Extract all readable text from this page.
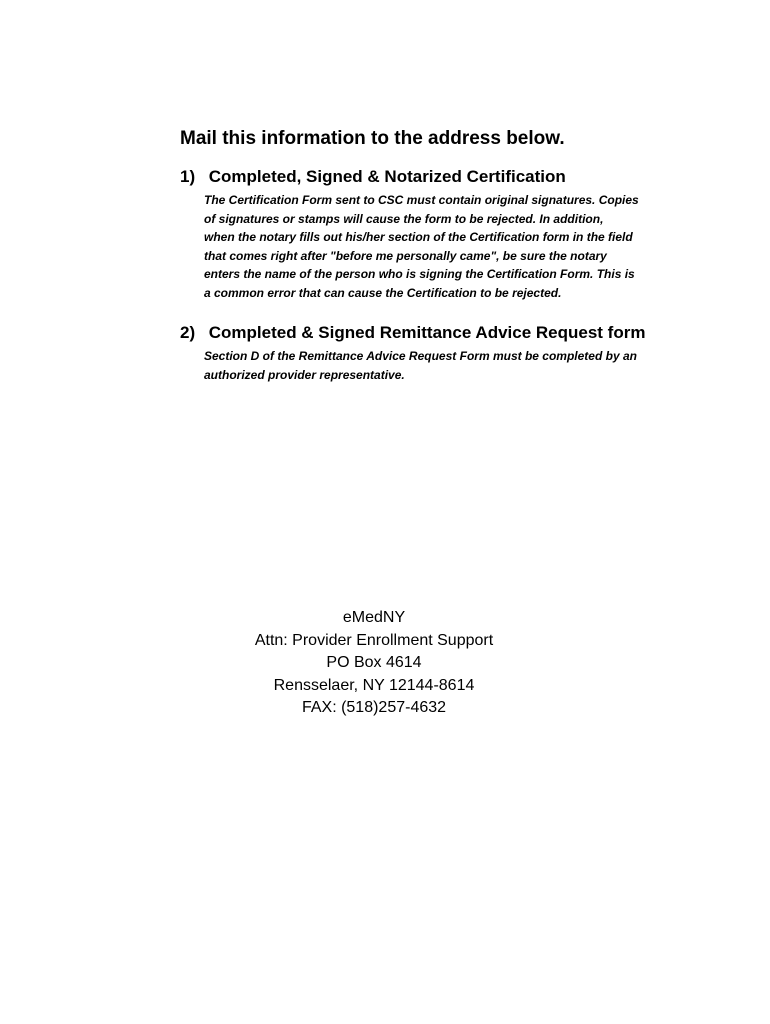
Mail this information to the address below.
1) Completed, Signed & Notarized Certification
The Certification Form sent to CSC must contain original signatures. Copies
of signatures or stamps will cause the form to be rejected. In addition,
when the notary fills out his/her section of the Certification form in the field
that comes right after "before me personally came", be sure the notary
enters the name of the person who is signing the Certification Form. This is
a common error that can cause the Certification to be rejected.
2) Completed & Signed Remittance Advice Request form
Section D of the Remittance Advice Request Form must be completed by an
authorized provider representative.
eMedNY
Attn: Provider Enrollment Support
PO Box 4614
Rensselaer, NY 12144-8614
FAX: (518)257-4632
